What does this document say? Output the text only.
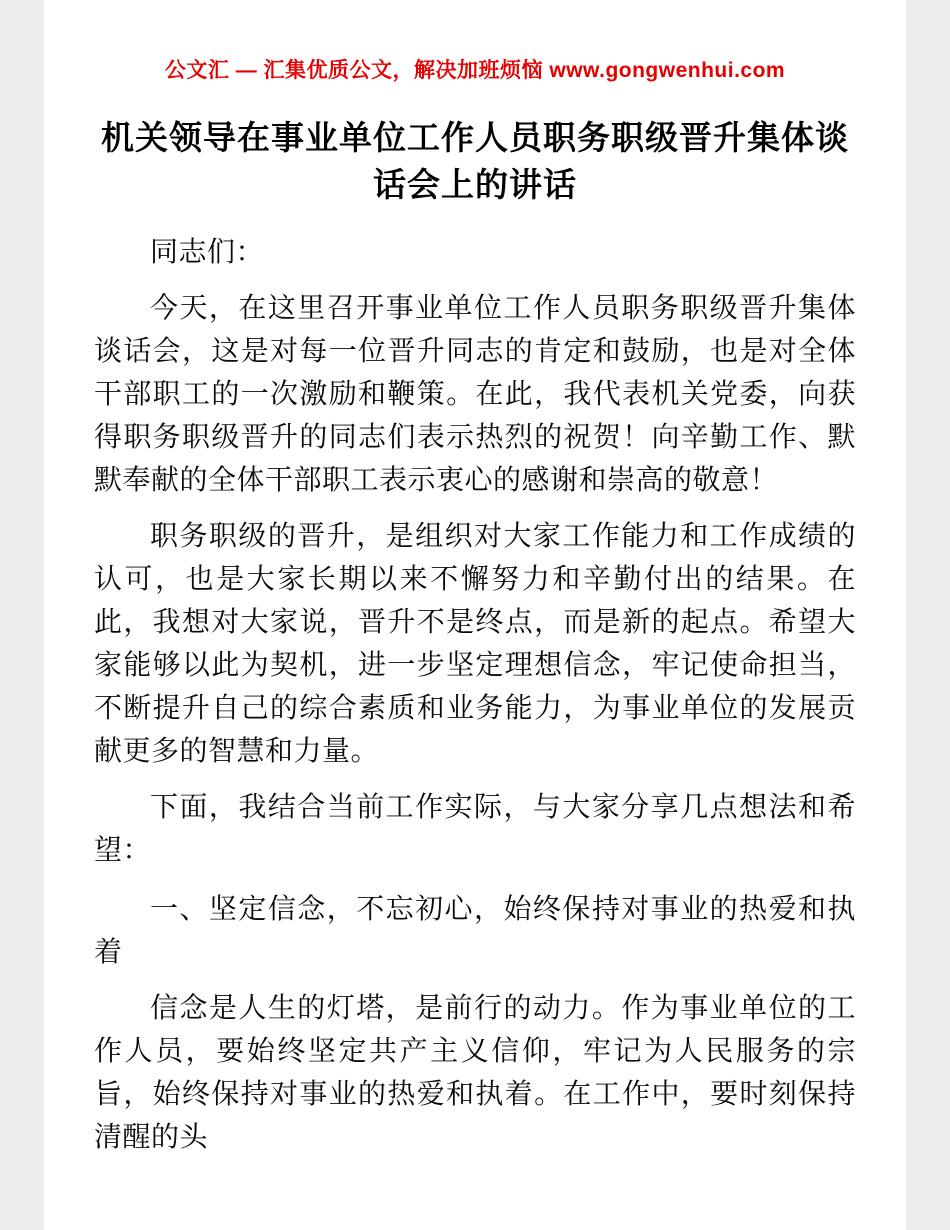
公文汇 — 汇集优质公文，解决加班烦恼 www.gongwenhui.com
机关领导在事业单位工作人员职务职级晋升集体谈话会上的讲话

同志们：

今天，在这里召开事业单位工作人员职务职级晋升集体谈话会，这是对每一位晋升同志的肯定和鼓励，也是对全体干部职工的一次激励和鞭策。在此，我代表机关党委，向获得职务职级晋升的同志们表示热烈的祝贺！向辛勤工作、默默奉献的全体干部职工表示衷心的感谢和崇高的敬意！

职务职级的晋升，是组织对大家工作能力和工作成绩的认可，也是大家长期以来不懈努力和辛勤付出的结果。在此，我想对大家说，晋升不是终点，而是新的起点。希望大家能够以此为契机，进一步坚定理想信念，牢记使命担当，不断提升自己的综合素质和业务能力，为事业单位的发展贡献更多的智慧和力量。

下面，我结合当前工作实际，与大家分享几点想法和希望：

一、坚定信念，不忘初心，始终保持对事业的热爱和执着

信念是人生的灯塔，是前行的动力。作为事业单位的工作人员，要始终坚定共产主义信仰，牢记为人民服务的宗旨，始终保持对事业的热爱和执着。在工作中，要时刻保持清醒的头
